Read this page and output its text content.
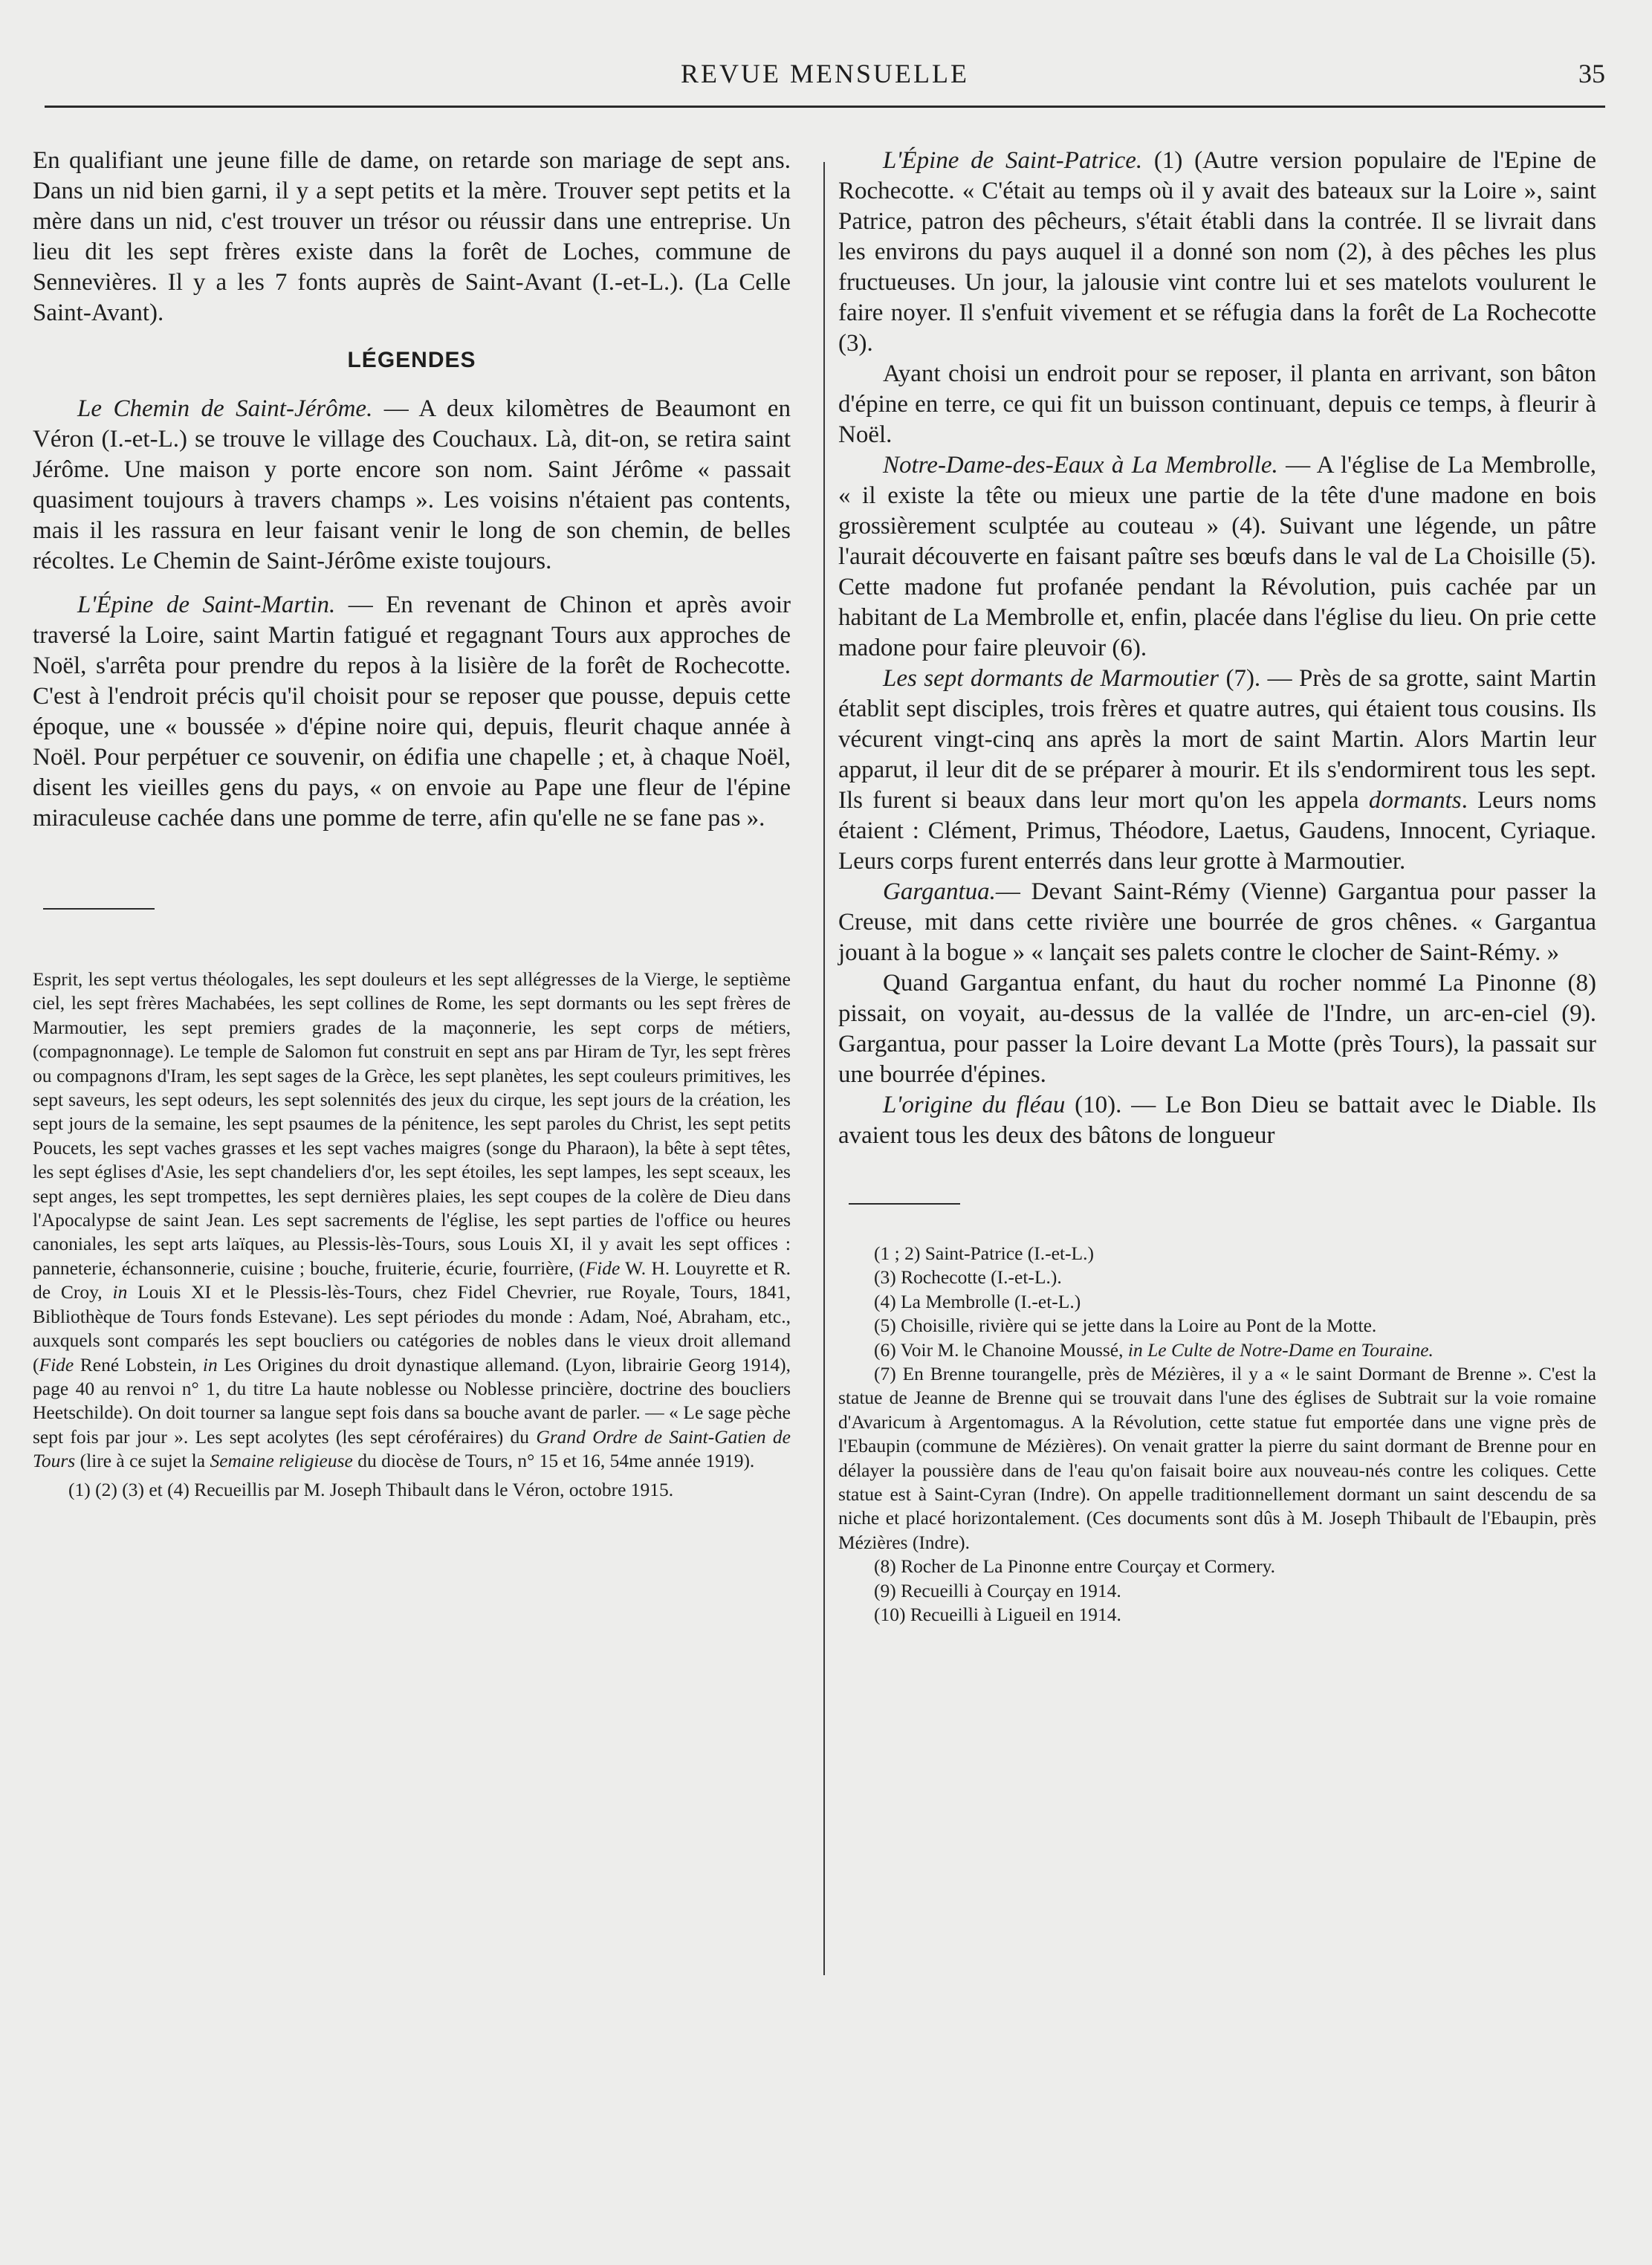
REVUE MENSUELLE	35

En qualifiant une jeune fille de dame, on retarde son mariage de sept ans. Dans un nid bien garni, il y a sept petits et la mère. Trouver sept petits et la mère dans un nid, c'est trouver un trésor ou réussir dans une entreprise. Un lieu dit les sept frères existe dans la forêt de Loches, commune de Sennevières. Il y a les 7 fonts auprès de Saint-Avant (I.-et-L.). (La Celle Saint-Avant).

LÉGENDES

Le Chemin de Saint-Jérôme. — A deux kilomètres de Beaumont en Véron (I.-et-L.) se trouve le village des Couchaux. Là, dit-on, se retira saint Jérôme. Une maison y porte encore son nom. Saint Jérôme « passait quasiment toujours à travers champs ». Les voisins n'étaient pas contents, mais il les rassura en leur faisant venir le long de son chemin, de belles récoltes. Le Chemin de Saint-Jérôme existe toujours.

L'Épine de Saint-Martin. — En revenant de Chinon et après avoir traversé la Loire, saint Martin fatigué et regagnant Tours aux approches de Noël, s'arrêta pour prendre du repos à la lisière de la forêt de Rochecotte. C'est à l'endroit précis qu'il choisit pour se reposer que pousse, depuis cette époque, une « boussée » d'épine noire qui, depuis, fleurit chaque année à Noël. Pour perpétuer ce souvenir, on édifia une chapelle ; et, à chaque Noël, disent les vieilles gens du pays, « on envoie au Pape une fleur de l'épine miraculeuse cachée dans une pomme de terre, afin qu'elle ne se fane pas ».

Esprit, les sept vertus théologales, les sept douleurs et les sept allégresses de la Vierge, le septième ciel, les sept frères Machabées, les sept collines de Rome, les sept dormants ou les sept frères de Marmoutier, les sept premiers grades de la maçonnerie, les sept corps de métiers, (compagnonnage). Le temple de Salomon fut construit en sept ans par Hiram de Tyr, les sept frères ou compagnons d'Iram, les sept sages de la Grèce, les sept planètes, les sept couleurs primitives, les sept saveurs, les sept odeurs, les sept solennités des jeux du cirque, les sept jours de la création, les sept jours de la semaine, les sept psaumes de la pénitence, les sept paroles du Christ, les sept petits Poucets, les sept vaches grasses et les sept vaches maigres (songe du Pharaon), la bête à sept têtes, les sept églises d'Asie, les sept chandeliers d'or, les sept étoiles, les sept lampes, les sept sceaux, les sept anges, les sept trompettes, les sept dernières plaies, les sept coupes de la colère de Dieu dans l'Apocalypse de saint Jean. Les sept sacrements de l'église, les sept parties de l'office ou heures canoniales, les sept arts laïques, au Plessis-lès-Tours, sous Louis XI, il y avait les sept offices : panneterie, échansonnerie, cuisine ; bouche, fruiterie, écurie, fourrière, (Fide W. H. Louyrette et R. de Croy, in Louis XI et le Plessis-lès-Tours, chez Fidel Chevrier, rue Royale, Tours, 1841, Bibliothèque de Tours fonds Estevane). Les sept périodes du monde : Adam, Noé, Abraham, etc., auxquels sont comparés les sept boucliers ou catégories de nobles dans le vieux droit allemand (Fide René Lobstein, in Les Origines du droit dynastique allemand. (Lyon, librairie Georg 1914), page 40 au renvoi n° 1, du titre La haute noblesse ou Noblesse princière, doctrine des boucliers Heetschilde). On doit tourner sa langue sept fois dans sa bouche avant de parler. — « Le sage pèche sept fois par jour ». Les sept acolytes (les sept céroféraires) du Grand Ordre de Saint-Gatien de Tours (lire à ce sujet la Semaine religieuse du diocèse de Tours, n° 15 et 16, 54me année 1919).

(1) (2) (3) et (4) Recueillis par M. Joseph Thibault dans le Véron, octobre 1915.

L'Épine de Saint-Patrice. (1) (Autre version populaire de l'Epine de Rochecotte. « C'était au temps où il y avait des bateaux sur la Loire », saint Patrice, patron des pêcheurs, s'était établi dans la contrée. Il se livrait dans les environs du pays auquel il a donné son nom (2), à des pêches les plus fructueuses. Un jour, la jalousie vint contre lui et ses matelots voulurent le faire noyer. Il s'enfuit vivement et se réfugia dans la forêt de La Rochecotte (3).

Ayant choisi un endroit pour se reposer, il planta en arrivant, son bâton d'épine en terre, ce qui fit un buisson continuant, depuis ce temps, à fleurir à Noël.

Notre-Dame-des-Eaux à La Membrolle. — A l'église de La Membrolle, « il existe la tête ou mieux une partie de la tête d'une madone en bois grossièrement sculptée au couteau » (4). Suivant une légende, un pâtre l'aurait découverte en faisant paître ses bœufs dans le val de La Choisille (5). Cette madone fut profanée pendant la Révolution, puis cachée par un habitant de La Membrolle et, enfin, placée dans l'église du lieu. On prie cette madone pour faire pleuvoir (6).

Les sept dormants de Marmoutier (7). — Près de sa grotte, saint Martin établit sept disciples, trois frères et quatre autres, qui étaient tous cousins. Ils vécurent vingt-cinq ans après la mort de saint Martin. Alors Martin leur apparut, il leur dit de se préparer à mourir. Et ils s'endormirent tous les sept. Ils furent si beaux dans leur mort qu'on les appela dormants. Leurs noms étaient : Clément, Primus, Théodore, Laetus, Gaudens, Innocent, Cyriaque. Leurs corps furent enterrés dans leur grotte à Marmoutier.

Gargantua.— Devant Saint-Rémy (Vienne) Gargantua pour passer la Creuse, mit dans cette rivière une bourrée de gros chênes. « Gargantua jouant à la bogue » « lançait ses palets contre le clocher de Saint-Rémy. »

Quand Gargantua enfant, du haut du rocher nommé La Pinonne (8) pissait, on voyait, au-dessus de la vallée de l'Indre, un arc-en-ciel (9). Gargantua, pour passer la Loire devant La Motte (près Tours), la passait sur une bourrée d'épines.

L'origine du fléau (10). — Le Bon Dieu se battait avec le Diable. Ils avaient tous les deux des bâtons de longueur

(1 ; 2) Saint-Patrice (I.-et-L.)

(3) Rochecotte (I.-et-L.).

(4) La Membrolle (I.-et-L.)

(5) Choisille, rivière qui se jette dans la Loire au Pont de la Motte.

(6) Voir M. le Chanoine Moussé, in Le Culte de Notre-Dame en Touraine.

(7) En Brenne tourangelle, près de Mézières, il y a « le saint Dormant de Brenne ». C'est la statue de Jeanne de Brenne qui se trouvait dans l'une des églises de Subtrait sur la voie romaine d'Avaricum à Argentomagus. A la Révolution, cette statue fut emportée dans une vigne près de l'Ebaupin (commune de Mézières). On venait gratter la pierre du saint dormant de Brenne pour en délayer la poussière dans de l'eau qu'on faisait boire aux nouveau-nés contre les coliques. Cette statue est à Saint-Cyran (Indre). On appelle traditionnellement dormant un saint descendu de sa niche et placé horizontalement. (Ces documents sont dûs à M. Joseph Thibault de l'Ebaupin, près Mézières (Indre).

(8) Rocher de La Pinonne entre Courçay et Cormery.

(9) Recueilli à Courçay en 1914.

(10) Recueilli à Ligueil en 1914.
